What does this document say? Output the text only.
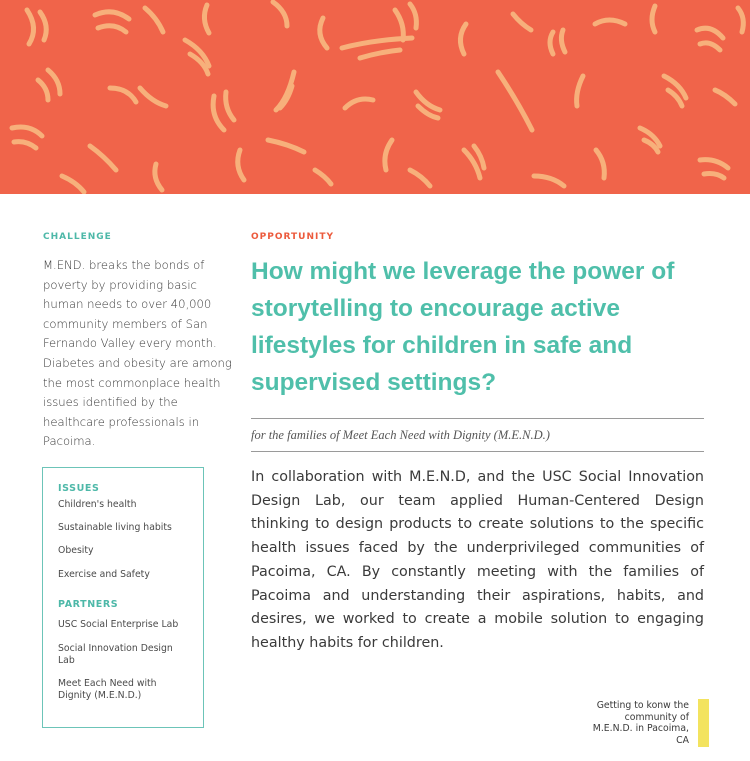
CHALLENGE
M.END. breaks the bonds of poverty by providing basic human needs to over 40,000 community members of San Fernando Valley every month. Diabetes and obesity are among the most commonplace health issues identified by the healthcare professionals in Pacoima.
OPPORTUNITY
How might we leverage the power of storytelling to encourage active lifestyles for children in safe and supervised settings?
for the families of Meet Each Need with Dignity (M.E.N.D.)
In collaboration with M.E.N.D, and the USC Social Innovation Design Lab, our team applied Human-Centered Design thinking to design products to create solutions to the specific health issues faced by the underprivileged communities of Pacoima, CA. By constantly meeting with the families of Pacoima and understanding their aspirations, habits, and desires, we worked to create a mobile solution to engaging healthy habits for children.
ISSUES
Children's health
Sustainable living habits
Obesity
Exercise and Safety
PARTNERS
USC Social Enterprise Lab
Social Innovation Design Lab
Meet Each Need with Dignity (M.E.N.D.)
Getting to konw the community of M.E.N.D. in Pacoima, CA
